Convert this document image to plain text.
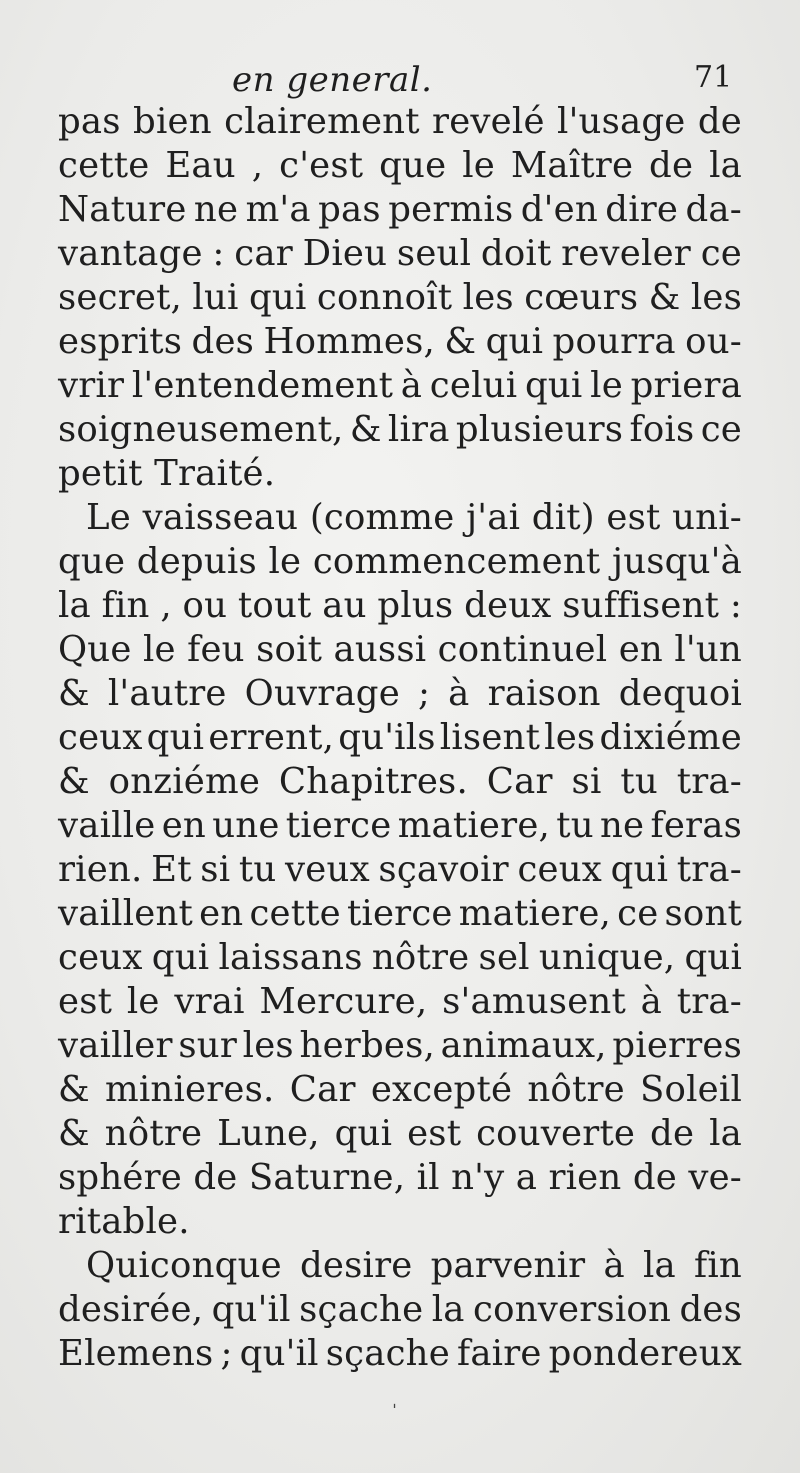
en general.	71
pas bien clairement revelé l'usage de
cette Eau , c'est que le Maître de la
Nature ne m'a pas permis d'en dire da-
vantage : car Dieu seul doit reveler ce
secret, lui qui connoît les cœurs & les
esprits des Hommes, & qui pourra ou-
vrir l'entendement à celui qui le priera
soigneusement, & lira plusieurs fois ce
petit Traité.
Le vaisseau (comme j'ai dit) est uni-
que depuis le commencement jusqu'à
la fin , ou tout au plus deux suffisent :
Que le feu soit aussi continuel en l'un
& l'autre Ouvrage ; à raison dequoi
ceux qui errent, qu'ils lisent les dixiéme
& onziéme Chapitres. Car si tu tra-
vaille en une tierce matiere, tu ne feras
rien. Et si tu veux sçavoir ceux qui tra-
vaillent en cette tierce matiere, ce sont
ceux qui laissans nôtre sel unique, qui
est le vrai Mercure, s'amusent à tra-
vailler sur les herbes, animaux, pierres
& minieres. Car excepté nôtre Soleil
& nôtre Lune, qui est couverte de la
sphére de Saturne, il n'y a rien de ve-
ritable.
Quiconque desire parvenir à la fin
desirée, qu'il sçache la conversion des
Elemens ; qu'il sçache faire pondereux
ˌ
